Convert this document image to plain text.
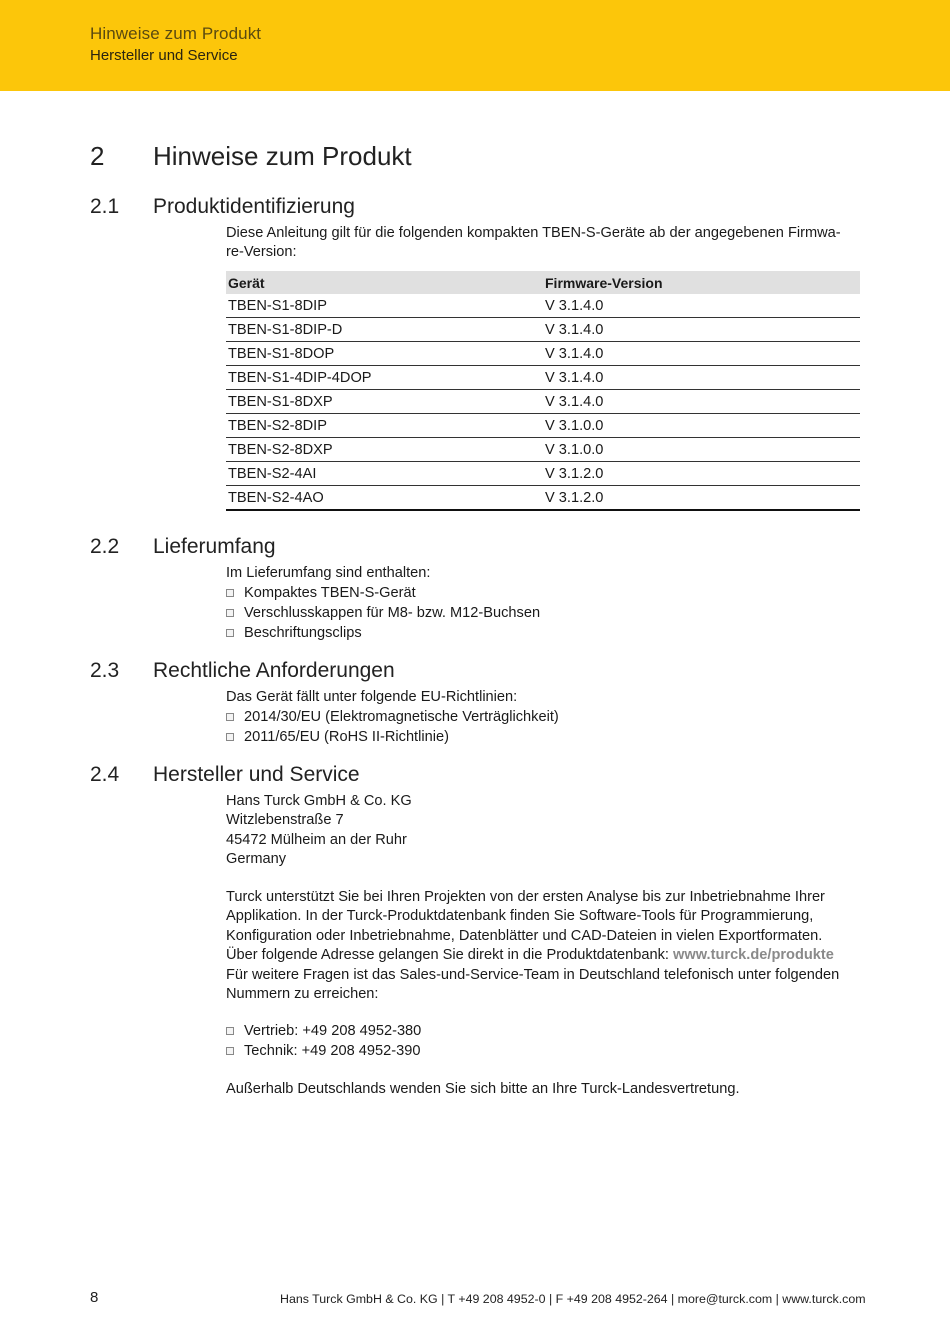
Hinweise zum Produkt
Hersteller und Service
2 Hinweise zum Produkt
2.1 Produktidentifizierung
Diese Anleitung gilt für die folgenden kompakten TBEN-S-Geräte ab der angegebenen Firmwa-
re-Version:
Gerät	Firmware-Version
TBEN-S1-8DIP	V 3.1.4.0
TBEN-S1-8DIP-D	V 3.1.4.0
TBEN-S1-8DOP	V 3.1.4.0
TBEN-S1-4DIP-4DOP	V 3.1.4.0
TBEN-S1-8DXP	V 3.1.4.0
TBEN-S2-8DIP	V 3.1.0.0
TBEN-S2-8DXP	V 3.1.0.0
TBEN-S2-4AI	V 3.1.2.0
TBEN-S2-4AO	V 3.1.2.0
2.2 Lieferumfang
Im Lieferumfang sind enthalten:
Kompaktes TBEN-S-Gerät
Verschlusskappen für M8- bzw. M12-Buchsen
Beschriftungsclips
2.3 Rechtliche Anforderungen
Das Gerät fällt unter folgende EU-Richtlinien:
2014/30/EU (Elektromagnetische Verträglichkeit)
2011/65/EU (RoHS II-Richtlinie)
2.4 Hersteller und Service
Hans Turck GmbH & Co. KG
Witzlebenstraße 7
45472 Mülheim an der Ruhr
Germany
Turck unterstützt Sie bei Ihren Projekten von der ersten Analyse bis zur Inbetriebnahme Ihrer
Applikation. In der Turck-Produktdatenbank finden Sie Software-Tools für Programmierung,
Konfiguration oder Inbetriebnahme, Datenblätter und CAD-Dateien in vielen Exportformaten.
Über folgende Adresse gelangen Sie direkt in die Produktdatenbank: www.turck.de/produkte
Für weitere Fragen ist das Sales-und-Service-Team in Deutschland telefonisch unter folgenden
Nummern zu erreichen:
Vertrieb: +49 208 4952-380
Technik: +49 208 4952-390
Außerhalb Deutschlands wenden Sie sich bitte an Ihre Turck-Landesvertretung.
8	Hans Turck GmbH & Co. KG | T +49 208 4952-0 | F +49 208 4952-264 | more@turck.com | www.turck.com
